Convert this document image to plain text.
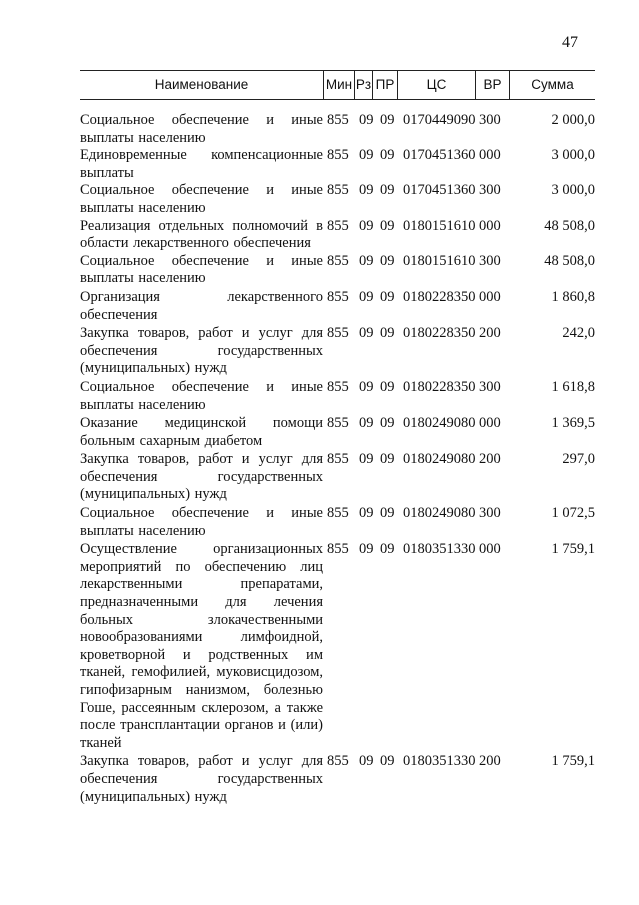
47
Наименование	Мин Рз ПР	ЦС	ВР	Сумма
Социальное обеспечение и иные выплаты населению
855 09 09 0170449090 300	2 000,0
Единовременные компенсационные выплаты
855 09 09 0170451360 000	3 000,0
Социальное обеспечение и иные выплаты населению
855 09 09 0170451360 300	3 000,0
Реализация отдельных полномочий в области лекарственного обеспечения
855 09 09 0180151610 000	48 508,0
Социальное обеспечение и иные выплаты населению
855 09 09 0180151610 300	48 508,0
Организация лекарственного обеспечения
855 09 09 0180228350 000	1 860,8
Закупка товаров, работ и услуг для обеспечения государственных (муниципальных) нужд
855 09 09 0180228350 200	242,0
Социальное обеспечение и иные выплаты населению
855 09 09 0180228350 300	1 618,8
Оказание медицинской помощи больным сахарным диабетом
855 09 09 0180249080 000	1 369,5
Закупка товаров, работ и услуг для обеспечения государственных (муниципальных) нужд
855 09 09 0180249080 200	297,0
Социальное обеспечение и иные выплаты населению
855 09 09 0180249080 300	1 072,5
Осуществление организационных мероприятий по обеспечению лиц лекарственными препаратами, предназначенными для лечения больных злокачественными новообразованиями лимфоидной, кроветворной и родственных им тканей, гемофилией, муковисцидозом, гипофизарным нанизмом, болезнью Гоше, рассеянным склерозом, а также после трансплантации органов и (или) тканей
855 09 09 0180351330 000	1 759,1
Закупка товаров, работ и услуг для обеспечения государственных (муниципальных) нужд
855 09 09 0180351330 200	1 759,1
